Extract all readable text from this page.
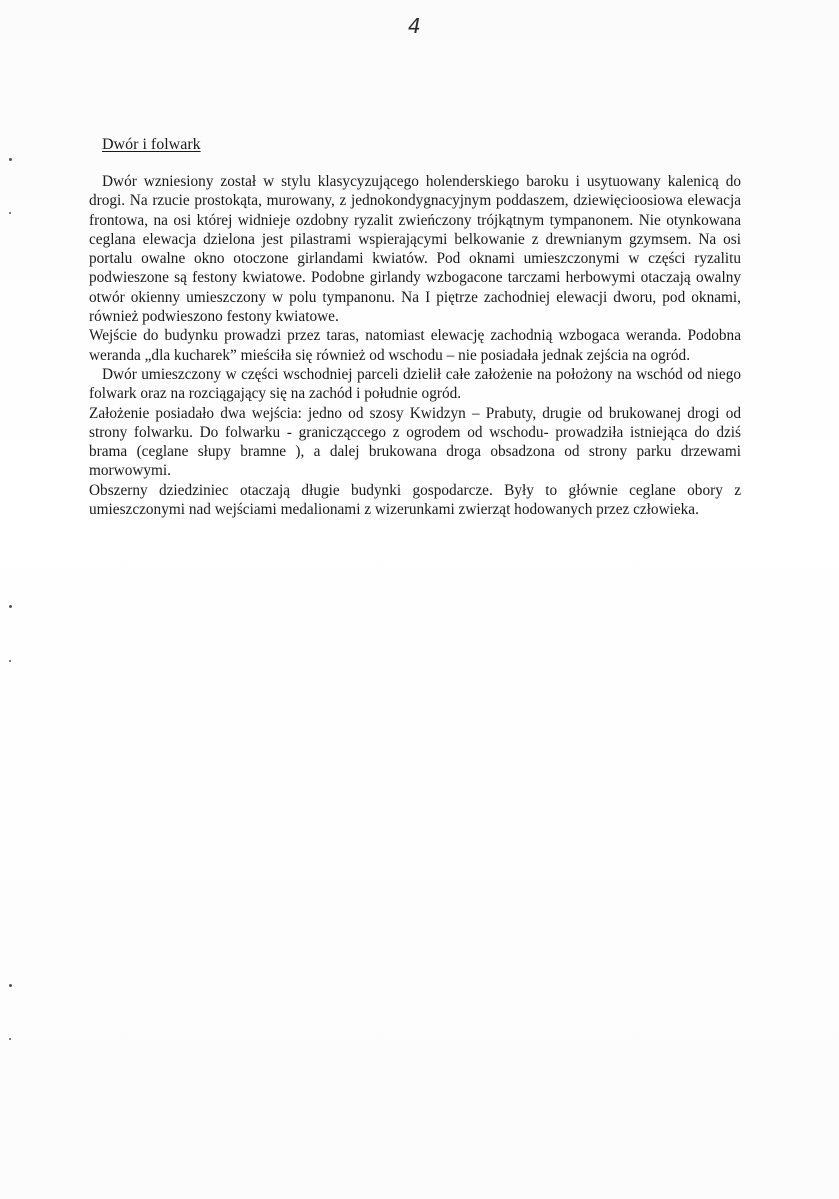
4
Dwór i folwark

Dwór wzniesiony został w stylu klasycyzującego holenderskiego baroku i usytuowany kalenicą do drogi. Na rzucie prostokąta, murowany, z jednokondygnacyjnym poddaszem, dziewięcioosiowa elewacja frontowa, na osi której widnieje ozdobny ryzalit zwieńczony trójkątnym tympanonem. Nie otynkowana ceglana elewacja dzielona jest pilastrami wspierającymi belkowanie z drewnianym gzymsem. Na osi portalu owalne okno otoczone girlandami kwiatów. Pod oknami umieszczonymi w części ryzalitu podwieszone są festony kwiatowe. Podobne girlandy wzbogacone tarczami herbowymi otaczają owalny otwór okienny umieszczony w polu tympanonu. Na I piętrze zachodniej elewacji dworu, pod oknami, również podwieszono festony kwiatowe.

Wejście do budynku prowadzi przez taras, natomiast elewację zachodnią wzbogaca weranda. Podobna weranda „dla kucharek” mieściła się również od wschodu – nie posiadała jednak zejścia na ogród.

Dwór umieszczony w części wschodniej parceli dzielił całe założenie na położony na wschód od niego folwark oraz na rozciągający się na zachód i południe ogród.

Założenie posiadało dwa wejścia: jedno od szosy Kwidzyn – Prabuty, drugie od brukowanej drogi od strony folwarku. Do folwarku - granicząccego z ogrodem od wschodu- prowadziła istniejąca do dziś brama (ceglane słupy bramne ), a dalej brukowana droga obsadzona od strony parku drzewami morwowymi.

Obszerny dziedziniec otaczają długie budynki gospodarcze. Były to głównie ceglane obory z umieszczonymi nad wejściami medalionami z wizerunkami zwierząt hodowanych przez człowieka.
